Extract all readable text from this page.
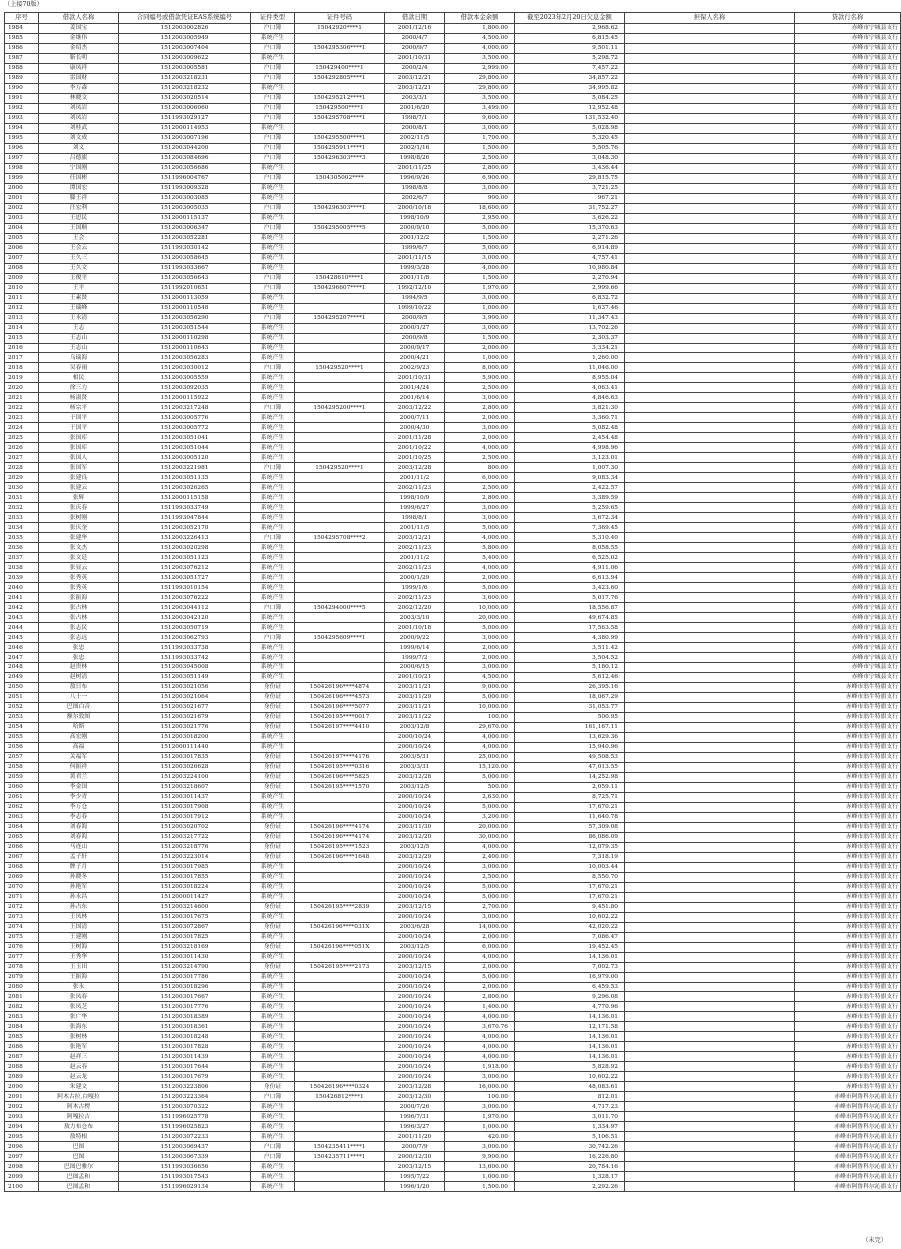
（上接70版）
序号	借款人名称	合同编号或借款凭证EAS系统编号	证件类型	证件号码	借款日期	借款本金余额	截至2023年2月20日欠息金额	担保人名称	贷款行名称
1984	姜国宝	1512003002826	户口簿	15042920****1	2001/12/16	1,800.00	2,968.62		赤峰市宁城县支行
1985	金继伟	1512003005949	系统产生		2000/4/7	4,500.00	6,815.45		赤峰市宁城县支行
1986	金绍杰	1512003007404	户口簿	1504295306****1	2000/9/7	4,000.00	9,501.11		赤峰市宁城县支行
1987	靳长明	1512003009622	系统产生		2001/10/31	3,500.00	5,298.72		赤峰市宁城县支行
1988	康凤祥	1512003005581	户口簿	150429400****1	2000/2/4	2,999.00	7,457.22		赤峰市宁城县支行
1989	雷国财	1512003218231	户口簿	1504292805****1	2003/12/21	29,800.00	34,857.22		赤峰市宁城县支行
1990	李万森	1512003218232	系统产生		2003/12/21	29,800.00	34,995.82		赤峰市宁城县支行
1991	林晓文	1512003020514	户口簿	1504295212****1	2003/3/1	3,500.00	5,084.25		赤峰市宁城县支行
1992	刘凤岩	1512003006060	户口簿	150429500****1	2001/6/20	3,499.00	12,952.48		赤峰市宁城县支行
1993	刘凤岩	1511993029127	户口簿	1504295708****1	1998/7/1	9,600.00	131,532.40		赤峰市宁城县支行
1994	刘桂武	1512000114953	系统产生		2000/8/1	3,000.00	5,028.98		赤峰市宁城县支行
1995	刘文成	1512003007196	户口簿	1504295500****1	2002/11/5	1,700.00	5,320.45		赤峰市宁城县支行
1996	刘义	1512003044200	户口簿	1504295911****1	2002/1/16	1,500.00	5,505.76		赤峰市宁城县支行
1997	吕德旗	1512003084696	户口簿	1504296303****3	1998/8/26	2,500.00	3,048.30		赤峰市宁城县支行
1998	宁国刚	1512003056686	系统产生		2001/11/25	2,800.00	3,436.44		赤峰市宁城县支行
1999	任国彬	1511996004767	户口簿	1504305002****	1996/9/26	6,900.00	29,815.75		赤峰市宁城县支行
2000	谭国宏	1511993009328	系统产生		1998/8/8	3,000.00	3,721.25		赤峰市宁城县支行
2001	滕王祥	1512003003085	系统产生		2002/6/7	900.00	967.21		赤峰市宁城县支行
2002	汪宏利	1512003005035	户口簿	1504296303****1	2000/10/18	18,600.00	31,752.27		赤峰市宁城县支行
2003	王思民	1512000115137	系统产生		1998/10/9	2,950.00	3,626.22		赤峰市宁城县支行
2004	王国顺	1512003006347	户口簿	1504295005****5	2000/9/10	5,000.00	15,370.63		赤峰市宁城县支行
2005	王会	1512003052281	系统产生		2001/12/2	1,500.00	2,271.26		赤峰市宁城县支行
2006	王会云	1511993030142	系统产生		1999/6/7	5,000.00	6,914.89		赤峰市宁城县支行
2007	王久三	1512003058645	系统产生		2001/11/15	3,000.00	4,757.41		赤峰市宁城县支行
2008	王久文	1511993033667	系统产生		1999/3/28	4,000.00	10,980.84		赤峰市宁城县支行
2009	王俊平	1512003056643	户口簿	150428610****1	2001/11/8	1,500.00	2,270.94		赤峰市宁城县支行
2010	王平	1511992010651	户口簿	1504296607****1	1992/12/10	1,970.00	2,999.66		赤峰市宁城县支行
2011	王素贤	1512000113059	系统产生		1994/9/5	3,000.00	6,832.72		赤峰市宁城县支行
2012	王瑞峰	1512000110548	系统产生		1999/10/22	1,000.00	1,637.46		赤峰市宁城县支行
2013	王永清	1512003056290	户口簿	1504295207****1	2000/9/5	3,900.00	11,347.43		赤峰市宁城县支行
2014	王志	1512003051544	系统产生		2000/1/27	3,000.00	13,702.26		赤峰市宁城县支行
2015	王志山	1512000110298	系统产生		2000/9/8	1,500.00	2,303.37		赤峰市宁城县支行
2016	王志山	1512000110643	系统产生		2000/9/17	2,000.00	3,334.21		赤峰市宁城县支行
2017	乌瑞海	1512003056283	系统产生		2000/4/21	1,000.00	1,260.00		赤峰市宁城县支行
2018	吴春雨	1512003030012	户口簿	150429520****1	2002/9/23	8,000.00	11,046.00		赤峰市宁城县支行
2019	相民	1512003005559	系统产生		2001/10/31	5,900.00	8,955.04		赤峰市宁城县支行
2020	徐三力	1512003092035	系统产生		2001/4/24	2,500.00	4,063.41		赤峰市宁城县支行
2021	杨淑贤	1512000115922	系统产生		2001/6/14	3,000.00	4,846.63		赤峰市宁城县支行
2022	杨宗平	1512003217248	户口簿	1504295200****1	2003/12/22	2,800.00	3,821.30		赤峰市宁城县支行
2023	于国平	1512003005776	系统产生		2000/7/11	2,000.00	3,360.71		赤峰市宁城县支行
2024	于国平	1512003005772	系统产生		2000/4/30	3,000.00	5,082.48		赤峰市宁城县支行
2025	张国库	1512003051041	系统产生		2001/11/28	2,000.00	2,454.48		赤峰市宁城县支行
2026	张国库	1512003051044	系统产生		2001/10/22	4,000.00	4,998.96		赤峰市宁城县支行
2027	张国人	1512003005120	系统产生		2001/10/25	2,500.00	3,123.01		赤峰市宁城县支行
2028	张国军	1512003221981	户口簿	150429520****1	2003/12/28	800.00	1,007.30		赤峰市宁城县支行
2029	张建良	1512003051135	系统产生		2001/11/2	6,000.00	9,083.34		赤峰市宁城县支行
2030	张建云	1512003026265	系统产生		2002/11/23	2,500.00	2,422.57		赤峰市宁城县支行
2031	张辉	1512000115158	系统产生		1998/10/9	2,800.00	3,389.59		赤峰市宁城县支行
2032	张庆春	1511993033749	系统产生		1999/6/27	3,000.00	5,259.65		赤峰市宁城县支行
2033	张树刚	1511993047844	系统产生		1998/8/1	3,000.00	3,672.34		赤峰市宁城县支行
2034	张庆奎	1512003052170	系统产生		2001/11/5	5,000.00	7,369.45		赤峰市宁城县支行
2035	张建华	1512003226413	户口簿	1504295708****2	2003/12/21	4,000.00	5,310.40		赤峰市宁城县支行
2036	张文杰	1512003020298	系统产生		2002/11/23	5,800.00	8,058.55		赤峰市宁城县支行
2037	张文廷	1512003051123	系统产生		2001/11/2	5,400.00	6,525.02		赤峰市宁城县支行
2038	张显云	1512003076212	系统产生		2002/11/23	4,000.00	4,911.06		赤峰市宁城县支行
2039	张秀英	1512003051727	系统产生		2000/1/29	2,000.00	6,613.94		赤峰市宁城县支行
2040	张秀英	1511993010154	系统产生		1999/1/6	5,000.00	3,423.60		赤峰市宁城县支行
2041	张振海	1512003076222	系统产生		2002/11/23	3,600.00	5,017.76		赤峰市宁城县支行
2042	张占林	1512003044112	户口簿	1504294000****5	2002/12/20	10,000.00	18,556.87		赤峰市宁城县支行
2043	张占林	1512003042120	系统产生		2003/3/10	20,000.00	49,674.85		赤峰市宁城县支行
2044	张志民	1512003050719	系统产生		2001/10/18	5,000.00	17,563.58		赤峰市宁城县支行
2045	张志远	1512003062793	户口簿	1504295609****1	2000/9/22	3,000.00	4,380.99		赤峰市宁城县支行
2046	张忠	1511993033738	系统产生		1999/6/14	2,000.00	3,511.42		赤峰市宁城县支行
2047	张忠	1511993033742	系统产生		1999/7/2	2,000.00	3,504.52		赤峰市宁城县支行
2048	赵贵林	1512003045008	系统产生		2000/6/15	3,000.00	5,180.12		赤峰市宁城县支行
2049	赵树清	1512003051149	系统产生		2001/10/21	4,500.00	5,612.46		赤峰市宁城县支行
2050	敖日布	1512003021056	身份证	150426196****4874	2003/11/21	9,000.00	26,395.16		赤峰市翁牛特旗支行
2051	八十一	1512003021064	身份证	150426196****4573	2003/11/29	5,000.00	18,067.29		赤峰市翁牛特旗支行
2052	巴图白音	1512003021677	身份证	150426196****5077	2003/11/21	10,000.00	31,053.77		赤峰市翁牛特旗支行
2053	额尔敦图	1512003021679	身份证	150426195****0017	2003/11/22	100.00	500.95		赤峰市翁牛特旗支行
2054	哈斯	1512003021776	身份证	150426197****4410	2003/12/8	29,670.00	161,167.11		赤峰市翁牛特旗支行
2055	高宏刚	1512003018200	系统产生		2000/10/24	4,000.00	13,629.36		赤峰市翁牛特旗支行
2056	高福	1512000111440	系统产生		2000/10/24	4,000.00	15,940.96		赤峰市翁牛特旗支行
2057	关福军	1512003017835	身份证	150426197****4176	2003/5/31	25,000.00	49,508.53		赤峰市翁牛特旗支行
2058	何振祥	1512003026628	身份证	150426195****0316	2003/3/31	15,120.00	47,013.55		赤峰市翁牛特旗支行
2059	黄君兰	1512003224100	身份证	150426196****5825	2003/12/28	5,000.00	14,252.98		赤峰市翁牛特旗支行
2060	李金国	1512003218607	身份证	150426195****1570	2003/12/5	500.00	2,059.11		赤峰市翁牛特旗支行
2061	李少青	1512003011437	系统产生		2000/10/24	2,630.00	8,725.71		赤峰市翁牛特旗支行
2062	李万仓	1512003017908	系统产生		2000/10/24	5,000.00	17,670.21		赤峰市翁牛特旗支行
2063	李志春	1512003017912	系统产生		2000/10/24	3,200.00	11,640.78		赤峰市翁牛特旗支行
2064	刘春海	1512003020702	身份证	150426196****4174	2003/11/30	20,000.00	57,309.08		赤峰市翁牛特旗支行
2065	刘春海	1512003217722	身份证	150426196****4174	2003/12/20	30,000.00	86,086.09		赤峰市翁牛特旗支行
2066	马连山	1512003218776	身份证	150426195****1523	2003/12/5	4,000.00	12,079.35		赤峰市翁牛特旗支行
2067	孟子轩	1512003223014	身份证	150426196****1648	2003/12/29	2,400.00	7,318.19		赤峰市翁牛特旗支行
2068	牌子月	1512003017985	系统产生		2000/10/24	3,000.00	10,003.44		赤峰市翁牛特旗支行
2069	孙晓冬	1512003017855	系统产生		2000/10/24	2,500.00	8,550.70		赤峰市翁牛特旗支行
2070	孙艳军	1512003018224	系统产生		2000/10/24	5,000.00	17,670.21		赤峰市翁牛特旗支行
2071	孙永昌	1512000011427	系统产生		2000/10/24	5,000.00	17,670.21		赤峰市翁牛特旗支行
2072	孙占东	1512003214600	身份证	150426195****2839	2003/12/15	2,700.00	9,451.80		赤峰市翁牛特旗支行
2073	王凤林	1512003017675	系统产生		2000/10/24	3,000.00	10,602.22		赤峰市翁牛特旗支行
2074	王国清	1512003072867	身份证	150426196****031X	2003/6/28	14,000.00	42,020.22		赤峰市翁牛特旗支行
2075	王建刚	1512003017825	系统产生		2000/10/24	2,000.00	7,086.47		赤峰市翁牛特旗支行
2076	王树海	1512003218169	身份证	150426196****051X	2003/12/5	6,000.00	19,452.45		赤峰市翁牛特旗支行
2077	王秀华	1512003011430	系统产生		2000/10/24	4,000.00	14,136.01		赤峰市翁牛特旗支行
2078	王玉田	1512003214790	身份证	150426195****2173	2003/12/15	2,000.00	7,002.73		赤峰市翁牛特旗支行
2079	王振海	1512003017786	系统产生		2000/10/24	5,000.00	16,979.00		赤峰市翁牛特旗支行
2080	张永	1512003018296	系统产生		2000/10/24	2,000.00	6,459.53		赤峰市翁牛特旗支行
2081	张凤春	1512003017667	系统产生		2000/10/24	2,800.00	9,296.08		赤峰市翁牛特旗支行
2082	张凤芝	1512003017776	系统产生		2000/10/24	1,400.00	4,770.96		赤峰市翁牛特旗支行
2083	张广华	1512003018389	系统产生		2000/10/24	4,000.00	14,136.01		赤峰市翁牛特旗支行
2084	张海东	1512003018361	系统产生		2000/10/24	3,670.76	12,171.58		赤峰市翁牛特旗支行
2085	张树林	1512003018248	系统产生		2000/10/24	4,000.00	14,136.01		赤峰市翁牛特旗支行
2086	张艳军	1512003017828	系统产生		2000/10/24	4,000.00	14,136.01		赤峰市翁牛特旗支行
2087	赵祥三	1512003011439	系统产生		2000/10/24	4,000.00	14,136.01		赤峰市翁牛特旗支行
2088	赵云春	1512003017644	系统产生		2000/10/24	1,918.00	5,828.92		赤峰市翁牛特旗支行
2089	赵云龙	1512003017679	系统产生		2000/10/24	3,000.00	10,602.22		赤峰市翁牛特旗支行
2090	朱建文	1512003223806	身份证	150426196****0324	2003/12/28	16,000.00	48,083.61		赤峰市翁牛特旗支行
2091	阿木古拉,白嘎拉	1512003223364	户口簿	150426812****1	2003/12/30	100.00	812.01		赤峰市阿鲁科尔沁旗支行
2092	阿木古楞	1512003070322	系统产生		2000/7/26	3,000.00	4,717.23		赤峰市阿鲁科尔沁旗支行
2093	阿嘎拉吉	1511996025778	系统产生		1996/7/31	1,970.00	3,011.70		赤峰市阿鲁科尔沁旗支行
2094	敖力布仓布	1511996025823	系统产生		1996/3/27	1,000.00	1,334.97		赤峰市阿鲁科尔沁旗支行
2095	敖特根	1512003072233	系统产生		2001/11/20	420.00	5,106.51		赤峰市阿鲁科尔沁旗支行
2096	巴图	1512003069437	户口簿	1504235411****1	2000/7/9	3,000.00	30,742.26		赤峰市阿鲁科尔沁旗支行
2097	巴图	1512003067339	户口簿	1504235711****1	2000/12/30	9,900.00	16,226.80		赤峰市阿鲁科尔沁旗支行
2098	巴图巴雅尔	1511993036656	系统产生		2003/12/15	13,600.00	20,784.16		赤峰市阿鲁科尔沁旗支行
2099	巴图孟和	1511993017543	系统产生		1995/7/22	1,000.00	1,328.17		赤峰市阿鲁科尔沁旗支行
2100	巴图孟和	1511996029134	系统产生		1996/1/20	1,500.00	2,292.26		赤峰市阿鲁科尔沁旗支行
（未完）
